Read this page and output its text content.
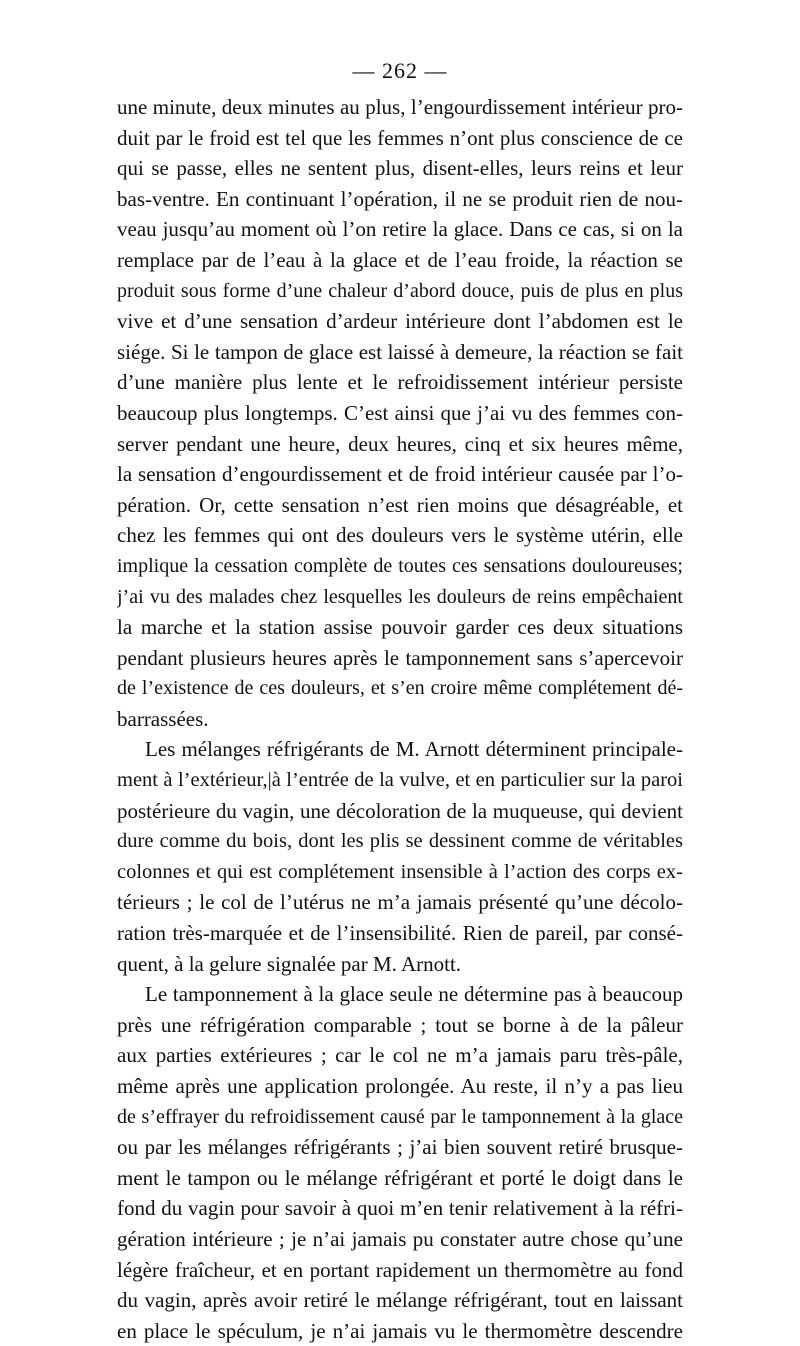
— 262 —
une minute, deux minutes au plus, l’engourdissement intérieur pro-
duit par le froid est tel que les femmes n’ont plus conscience de ce
qui se passe, elles ne sentent plus, disent-elles, leurs reins et leur
bas-ventre. En continuant l’opération, il ne se produit rien de nou-
veau jusqu’au moment où l’on retire la glace. Dans ce cas, si on la
remplace par de l’eau à la glace et de l’eau froide, la réaction se
produit sous forme d’une chaleur d’abord douce, puis de plus en plus
vive et d’une sensation d’ardeur intérieure dont l’abdomen est le
siége. Si le tampon de glace est laissé à demeure, la réaction se fait
d’une manière plus lente et le refroidissement intérieur persiste
beaucoup plus longtemps. C’est ainsi que j’ai vu des femmes con-
server pendant une heure, deux heures, cinq et six heures même,
la sensation d’engourdissement et de froid intérieur causée par l’o-
pération. Or, cette sensation n’est rien moins que désagréable, et
chez les femmes qui ont des douleurs vers le système utérin, elle
implique la cessation complète de toutes ces sensations douloureuses;
j’ai vu des malades chez lesquelles les douleurs de reins empêchaient
la marche et la station assise pouvoir garder ces deux situations
pendant plusieurs heures après le tamponnement sans s’apercevoir
de l’existence de ces douleurs, et s’en croire même complétement dé-
barrassées.
Les mélanges réfrigérants de M. Arnott déterminent principale-
ment à l’extérieur,|à l’entrée de la vulve, et en particulier sur la paroi
postérieure du vagin, une décoloration de la muqueuse, qui devient
dure comme du bois, dont les plis se dessinent comme de véritables
colonnes et qui est complétement insensible à l’action des corps ex-
térieurs ; le col de l’utérus ne m’a jamais présenté qu’une décolo-
ration très-marquée et de l’insensibilité. Rien de pareil, par consé-
quent, à la gelure signalée par M. Arnott.
Le tamponnement à la glace seule ne détermine pas à beaucoup
près une réfrigération comparable ; tout se borne à de la pâleur
aux parties extérieures ; car le col ne m’a jamais paru très-pâle,
même après une application prolongée. Au reste, il n’y a pas lieu
de s’effrayer du refroidissement causé par le tamponnement à la glace
ou par les mélanges réfrigérants ; j’ai bien souvent retiré brusque-
ment le tampon ou le mélange réfrigérant et porté le doigt dans le
fond du vagin pour savoir à quoi m’en tenir relativement à la réfri-
gération intérieure ; je n’ai jamais pu constater autre chose qu’une
légère fraîcheur, et en portant rapidement un thermomètre au fond
du vagin, après avoir retiré le mélange réfrigérant, tout en laissant
en place le spéculum, je n’ai jamais vu le thermomètre descendre
